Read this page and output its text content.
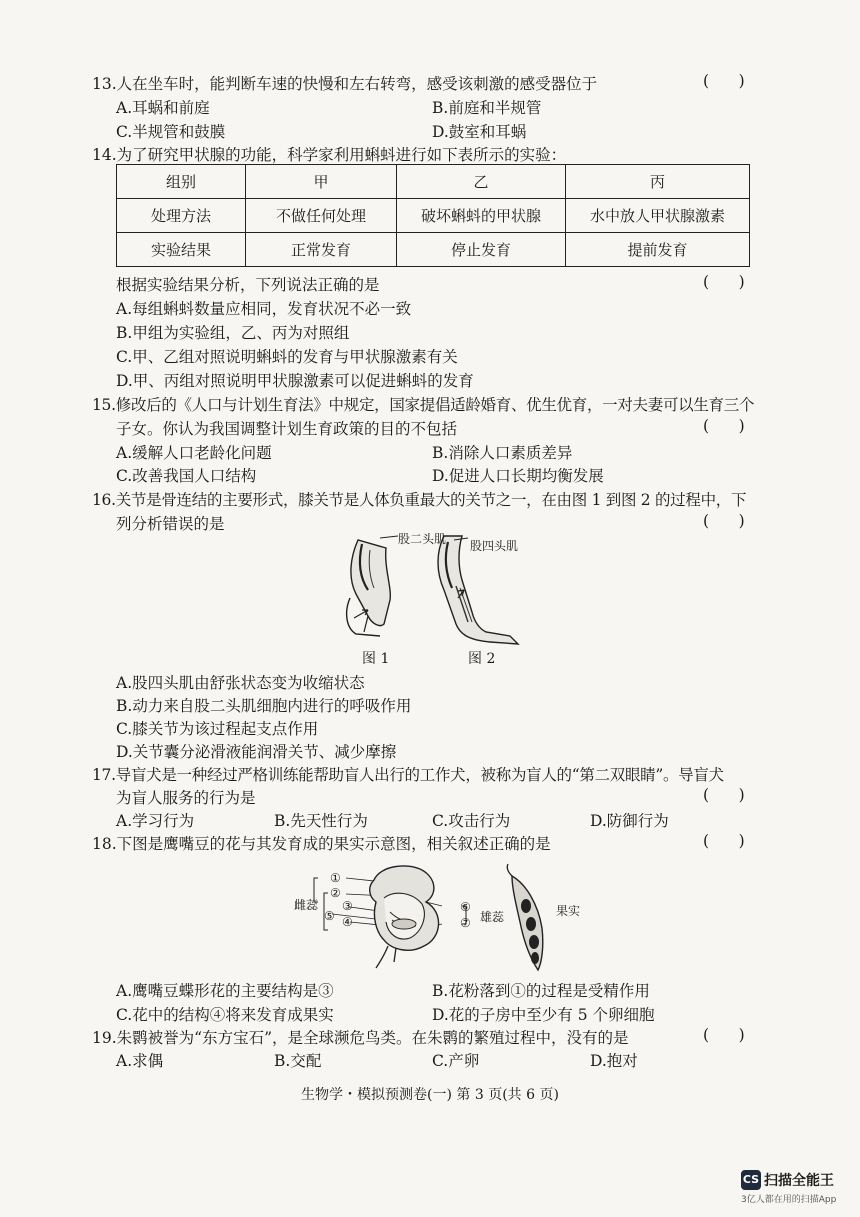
13.人在坐车时，能判断车速的快慢和左右转弯，感受该刺激的感受器位于	(      )
A.耳蜗和前庭	B.前庭和半规管
C.半规管和鼓膜	D.鼓室和耳蜗
14.为了研究甲状腺的功能，科学家利用蝌蚪进行如下表所示的实验：
组别	甲	乙	丙
处理方法	不做任何处理	破坏蝌蚪的甲状腺	水中放人甲状腺激素
实验结果	正常发育	停止发育	提前发育
根据实验结果分析，下列说法正确的是	(      )
A.每组蝌蚪数量应相同，发育状况不必一致
B.甲组为实验组，乙、丙为对照组
C.甲、乙组对照说明蝌蚪的发育与甲状腺激素有关
D.甲、丙组对照说明甲状腺激素可以促进蝌蚪的发育
15.修改后的《人口与计划生育法》中规定，国家提倡适龄婚育、优生优育，一对夫妻可以生育三个
子女。你认为我国调整计划生育政策的目的不包括	(      )
A.缓解人口老龄化问题	B.消除人口素质差异
C.改善我国人口结构	D.促进人口长期均衡发展
16.关节是骨连结的主要形式，膝关节是人体负重最大的关节之一，在由图 1 到图 2 的过程中，下
列分析错误的是	(      )
股二头肌 股四头肌
图 1	图 2
A.股四头肌由舒张状态变为收缩状态
B.动力来自股二头肌细胞内进行的呼吸作用
C.膝关节为该过程起支点作用
D.关节囊分泌滑液能润滑关节、减少摩擦
17.导盲犬是一种经过严格训练能帮助盲人出行的工作犬，被称为盲人的“第二双眼睛”。导盲犬
为盲人服务的行为是	(      )
A.学习行为	B.先天性行为	C.攻击行为	D.防御行为
18.下图是鹰嘴豆的花与其发育成的果实示意图，相关叙述正确的是	(      )
雌蕊
①
②
③
④
⑤
⑥
⑦ 雄蕊	果实
A.鹰嘴豆蝶形花的主要结构是③	B.花粉落到①的过程是受精作用
C.花中的结构④将来发育成果实	D.花的子房中至少有 5 个卵细胞
19.朱鹮被誉为“东方宝石”，是全球濒危鸟类。在朱鹮的繁殖过程中，没有的是	(      )
A.求偶	B.交配	C.产卵	D.抱对
生物学・模拟预测卷(一) 第 3 页(共 6 页)
CS 扫描全能王
3亿人都在用的扫描App
